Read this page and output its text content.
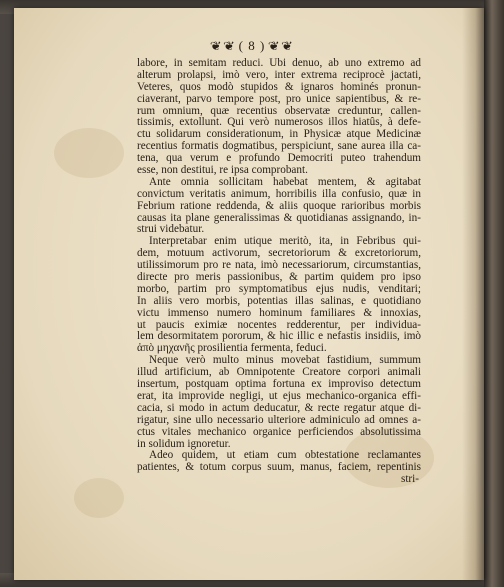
❦❦ ( 8 ) ❦❦
labore, in semitam reduci. Ubi denuo, ab uno extremo ad
alterum prolapsi, imò vero, inter extrema reciprocè jactati,
Veteres, quos modò stupidos & ignaros hominés pronun-
ciaverant, parvo tempore post, pro unice sapientibus, & re-
rum omnium, quæ recentius observatæ creduntur, callen-
tissimis, extollunt. Qui verò numerosos illos hiatûs, à defe-
ctu solidarum considerationum, in Physicæ atque Medicinæ
recentius formatis dogmatibus, perspiciunt, sane aurea illa ca-
tena, qua verum e profundo Democriti puteo trahendum
esse, non destitui, re ipsa comprobant.
Ante omnia sollicitam habebat mentem, & agitabat
convictum veritatis animum, horribilis illa confusio, quæ in
Febrium ratione reddenda, & aliis quoque rarioribus morbis
causas ita plane generalissimas & quotidianas assignando, in-
strui videbatur.
Interpretabar enim utique meritò, ita, in Febribus qui-
dem, motuum activorum, secretoriorum & excretoriorum,
utilissimorum pro re nata, imò necessariorum, circumstantias,
directe pro meris passionibus, & partim quidem pro ipso
morbo, partim pro symptomatibus ejus nudis, venditari;
In aliis vero morbis, potentias illas salinas, e quotidiano
victu immenso numero hominum familiares & innoxias,
ut paucis eximiæ nocentes redderentur, per individua-
lem desormitatem pororum, & hic illic e nefastis insidiis, imò
ἀπὸ μηχανῆς prosilientia fermenta, feduci.
Neque verò multo minus movebat fastidium, summum
illud artificium, ab Omnipotente Creatore corpori animali
insertum, postquam optima fortuna ex improviso detectum
erat, ita improvide negligi, ut ejus mechanico-organica effi-
cacia, si modo in actum deducatur, & recte regatur atque di-
rigatur, sine ullo necessario ulteriore adminiculo ad omnes a-
ctus vitales mechanico organice perficiendos absolutissima
in solidum ignoretur.
Adeo quidem, ut etiam cum obtestatione reclamantes
patientes, & totum corpus suum, manus, faciem, repentinis
stri-
